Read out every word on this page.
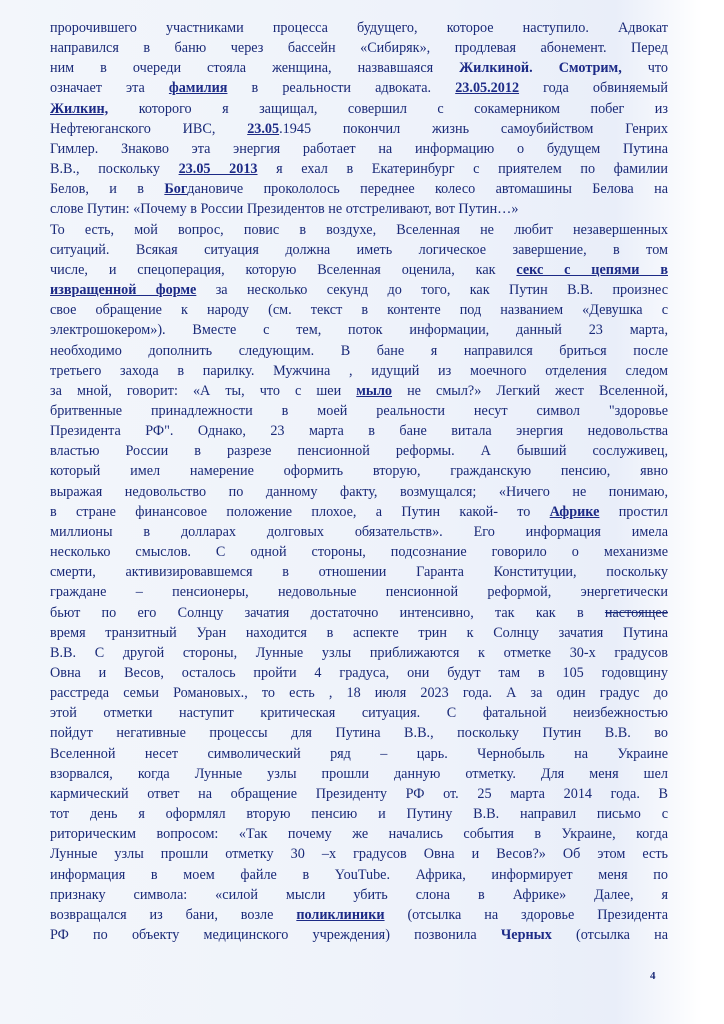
пророчившего участниками процесса будущего, которое наступило. Адвокат
направился в баню через бассейн «Сибиряк», продлевая абонемент. Перед
ним в очереди стояла женщина, назвавшаяся Жилкиной. Смотрим, что
означает эта фамилия в реальности адвоката. 23.05.2012 года обвиняемый
Жилкин, которого я защищал, совершил с сокамерником побег из
Нефтеюганского ИВС, 23.05.1945 покончил жизнь самоубийством Генрих
Гимлер. Знаково эта энергия работает на информацию о будущем Путина
В.В., поскольку 23.05 2013 я ехал в Екатеринбург с приятелем по фамилии
Белов, и в Богдановиче прокололось переднее колесо автомашины Белова на
слове Путин: «Почему в России Президентов не отстреливают, вот Путин…»
То есть, мой вопрос, повис в воздухе, Вселенная не любит незавершенных
ситуаций. Всякая ситуация должна иметь логическое завершение, в том
числе, и спецоперация, которую Вселенная оценила, как секс с цепями в
извращенной форме за несколько секунд до того, как Путин В.В. произнес
свое обращение к народу (см. текст в контенте под названием «Девушка с
электрошокером»). Вместе с тем, поток информации, данный 23 марта,
необходимо дополнить следующим. В бане я направился бриться после
третьего захода в парилку. Мужчина , идущий из моечного отделения следом
за мной, говорит: «А ты, что с шеи мыло не смыл?» Легкий жест Вселенной,
бритвенные принадлежности в моей реальности несут символ "здоровье
Президента РФ". Однако, 23 марта в бане витала энергия недовольства
властью России в разрезе пенсионной реформы. А бывший сослуживец,
который имел намерение оформить вторую, гражданскую пенсию, явно
выражая недовольство по данному факту, возмущался; «Ничего не понимаю,
в стране финансовое положение плохое, а Путин какой- то Африке простил
миллионы в долларах долговых обязательств». Его информация имела
несколько смыслов. С одной стороны, подсознание говорило о механизме
смерти, активизировавшемся в отношении Гаранта Конституции, поскольку
граждане – пенсионеры, недовольные пенсионной реформой, энергетически
бьют по его Солнцу зачатия достаточно интенсивно, так как в настоящее
время транзитный Уран находится в аспекте трин к Солнцу зачатия Путина
В.В. С другой стороны, Лунные узлы приближаются к отметке 30-х градусов
Овна и Весов, осталось пройти 4 градуса, они будут там в 105 годовщину
расстреда семьи Романовых., то есть , 18 июля 2023 года. А за один градус до
этой отметки наступит критическая ситуация. С фатальной неизбежностью
пойдут негативные процессы для Путина В.В., поскольку Путин В.В. во
Вселенной несет символический ряд – царь. Чернобыль на Украине
взорвался, когда Лунные узлы прошли данную отметку. Для меня шел
кармический ответ на обращение Президенту РФ от. 25 марта 2014 года. В
тот день я оформлял вторую пенсию и Путину В.В. направил письмо с
риторическим вопросом: «Так почему же начались события в Украине, когда
Лунные узлы прошли отметку 30 –х градусов Овна и Весов?» Об этом есть
информация в моем файле в YouTube. Африка, информирует меня по
признаку символа: «силой мысли убить слона в Африке» Далее, я
возвращался из бани, возле поликлиники (отсылка на здоровье Президента
РФ по объекту медицинского учреждения) позвонила Черных (отсылка на
4
